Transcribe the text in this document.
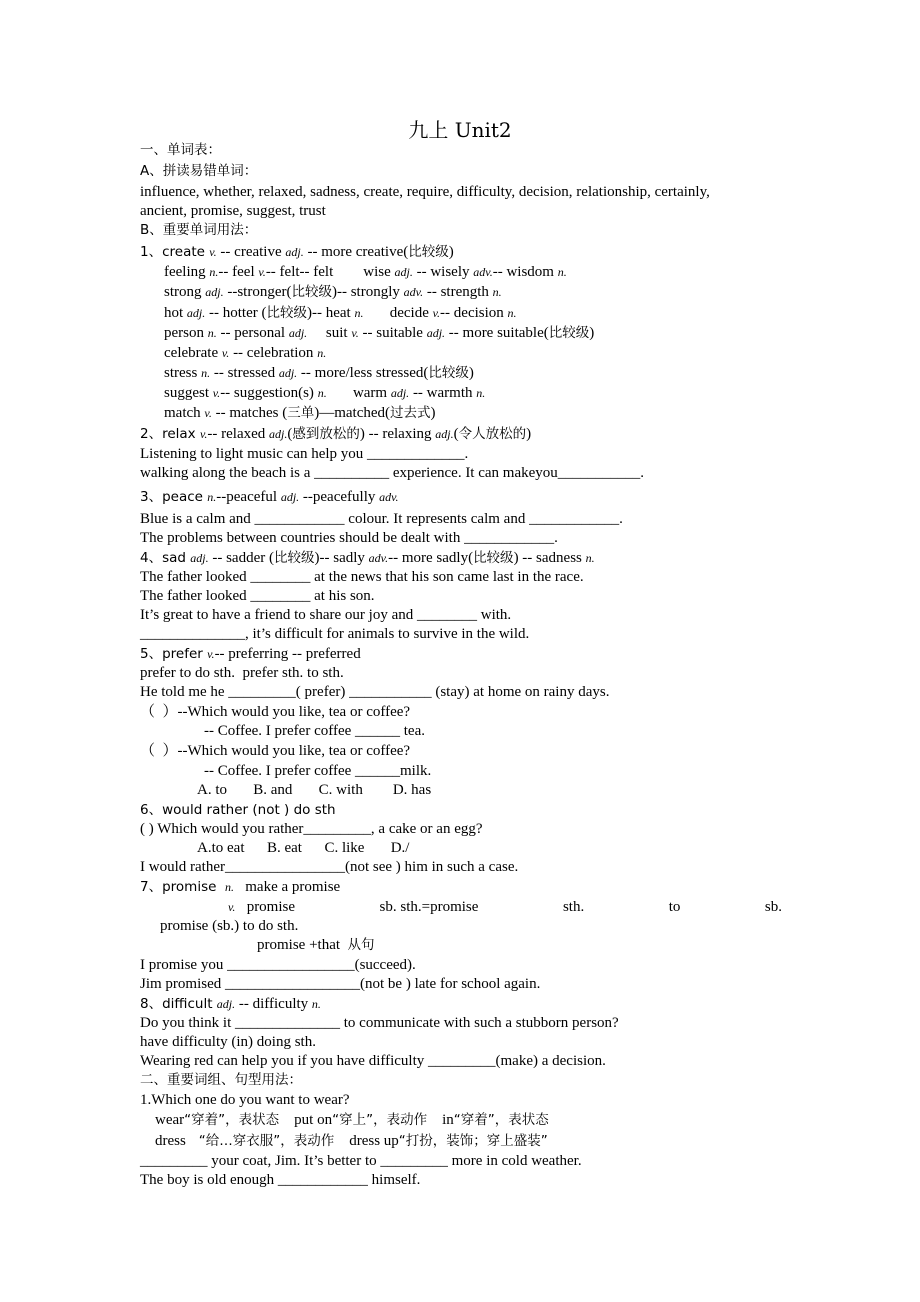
九上 Unit2
一、单词表：
A、拼读易错单词：
influence, whether, relaxed, sadness, create, require, difficulty, decision, relationship, certainly,
ancient, promise, suggest, trust
B、重要单词用法：
1、create v. -- creative adj. -- more creative(比较级)
feeling n.-- feel v.-- felt-- felt        wise adj. -- wisely adv.-- wisdom n.
strong adj. --stronger(比较级)-- strongly adv. -- strength n.
hot adj. -- hotter (比较级)-- heat n.       decide v.-- decision n.
person n. -- personal adj.     suit v. -- suitable adj. -- more suitable(比较级)
celebrate v. -- celebration n.
stress n. -- stressed adj. -- more/less stressed(比较级)
suggest v.-- suggestion(s) n.       warm adj. -- warmth n.
match v. -- matches (三单)—matched(过去式)
2、relax v.-- relaxed adj.(感到放松的) -- relaxing adj.(令人放松的)
Listening to light music can help you _____________.
walking along the beach is a __________ experience. It can makeyou___________.
3、peace n.--peaceful adj. --peacefully adv.
Blue is a calm and ____________ colour. It represents calm and ____________.
The problems between countries should be dealt with ____________.
4、sad adj. -- sadder (比较级)-- sadly adv.-- more sadly(比较级) -- sadness n.
The father looked ________ at the news that his son came last in the race.
The father looked ________ at his son.
It’s great to have a friend to share our joy and ________ with.
______________, it’s difficult for animals to survive in the wild.
5、prefer v.-- preferring -- preferred
prefer to do sth.  prefer sth. to sth.
He told me he _________( prefer) ___________ (stay) at home on rainy days.
（  ）--Which would you like, tea or coffee?
-- Coffee. I prefer coffee ______ tea.
（  ）--Which would you like, tea or coffee?
-- Coffee. I prefer coffee ______milk.
A. to       B. and       C. with        D. has
6、would rather (not ) do sth
( ) Which would you rather_________, a cake or an egg?
A.to eat      B. eat      C. like       D./
I would rather________________(not see ) him in such a case.
7、promise  n.   make a promise
v.   promise	sb. sth.=promise	sth.	to	sb.
promise (sb.) to do sth.
promise +that  从句
I promise you _________________(succeed).
Jim promised __________________(not be ) late for school again.
8、difficult adj. -- difficulty n.
Do you think it ______________ to communicate with such a stubborn person?
have difficulty (in) doing sth.
Wearing red can help you if you have difficulty _________(make) a decision.
二、重要词组、句型用法：
1.Which one do you want to wear?
wear“穿着”，表状态    put on“穿上”，表动作    in“穿着”，表状态
dress   “给…穿衣服”，表动作    dress up“打扮，装饰；穿上盛装”
_________ your coat, Jim. It’s better to _________ more in cold weather.
The boy is old enough ____________ himself.
